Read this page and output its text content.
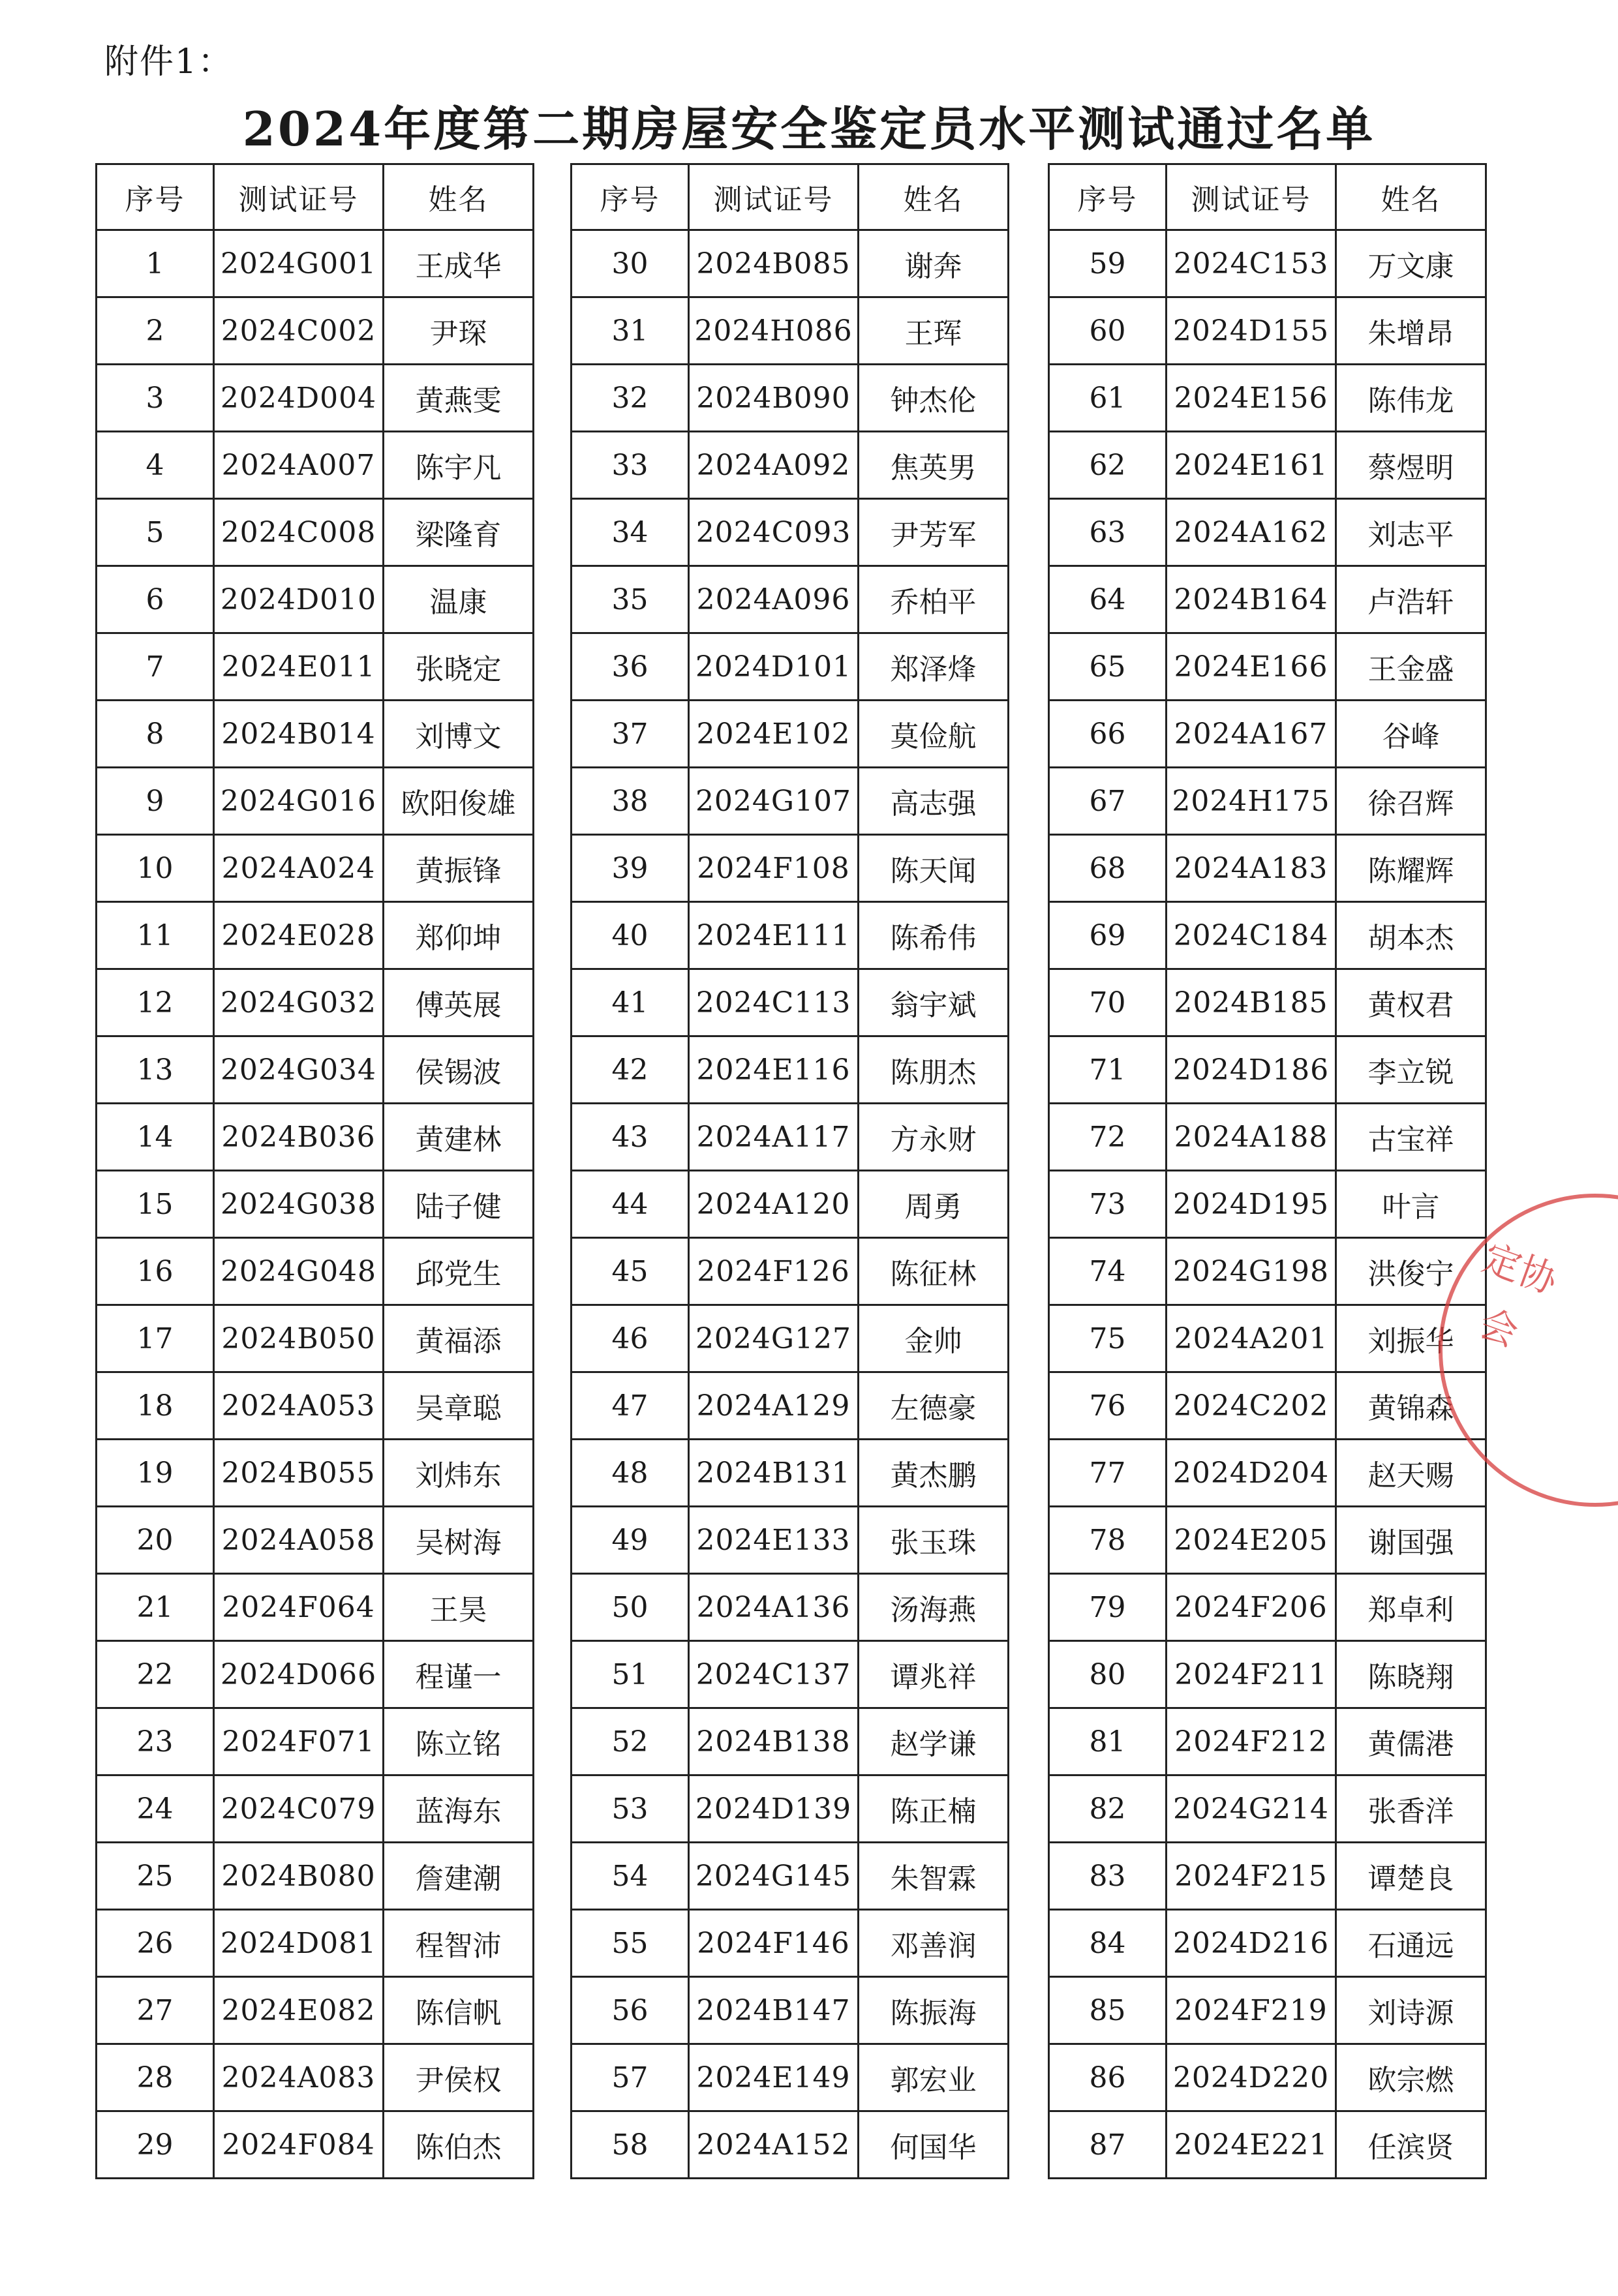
附件1：
2024年度第二期房屋安全鉴定员水平测试通过名单
序号	测试证号	姓名
1	2024G001	王成华
2	2024C002	尹琛
3	2024D004	黄燕雯
4	2024A007	陈宇凡
5	2024C008	梁隆育
6	2024D010	温康
7	2024E011	张晓定
8	2024B014	刘博文
9	2024G016	欧阳俊雄
10	2024A024	黄振锋
11	2024E028	郑仰坤
12	2024G032	傅英展
13	2024G034	侯锡波
14	2024B036	黄建林
15	2024G038	陆子健
16	2024G048	邱党生
17	2024B050	黄福添
18	2024A053	吴章聪
19	2024B055	刘炜东
20	2024A058	吴树海
21	2024F064	王昊
22	2024D066	程谨一
23	2024F071	陈立铭
24	2024C079	蓝海东
25	2024B080	詹建潮
26	2024D081	程智沛
27	2024E082	陈信帆
28	2024A083	尹侯权
29	2024F084	陈伯杰
序号	测试证号	姓名
30	2024B085	谢奔
31	2024H086	王珲
32	2024B090	钟杰伦
33	2024A092	焦英男
34	2024C093	尹芳军
35	2024A096	乔柏平
36	2024D101	郑泽烽
37	2024E102	莫俭航
38	2024G107	高志强
39	2024F108	陈天闻
40	2024E111	陈希伟
41	2024C113	翁宇斌
42	2024E116	陈朋杰
43	2024A117	方永财
44	2024A120	周勇
45	2024F126	陈征林
46	2024G127	金帅
47	2024A129	左德豪
48	2024B131	黄杰鹏
49	2024E133	张玉珠
50	2024A136	汤海燕
51	2024C137	谭兆祥
52	2024B138	赵学谦
53	2024D139	陈正楠
54	2024G145	朱智霖
55	2024F146	邓善润
56	2024B147	陈振海
57	2024E149	郭宏业
58	2024A152	何国华
序号	测试证号	姓名
59	2024C153	万文康
60	2024D155	朱增昂
61	2024E156	陈伟龙
62	2024E161	蔡煜明
63	2024A162	刘志平
64	2024B164	卢浩轩
65	2024E166	王金盛
66	2024A167	谷峰
67	2024H175	徐召辉
68	2024A183	陈耀辉
69	2024C184	胡本杰
70	2024B185	黄权君
71	2024D186	李立锐
72	2024A188	古宝祥
73	2024D195	叶言
74	2024G198	洪俊宁
75	2024A201	刘振华
76	2024C202	黄锦森
77	2024D204	赵天赐
78	2024E205	谢国强
79	2024F206	郑卓利
80	2024F211	陈晓翔
81	2024F212	黄儒港
82	2024G214	张香洋
83	2024F215	谭楚良
84	2024D216	石通远
85	2024F219	刘诗源
86	2024D220	欧宗燃
87	2024E221	任滨贤
定协会
